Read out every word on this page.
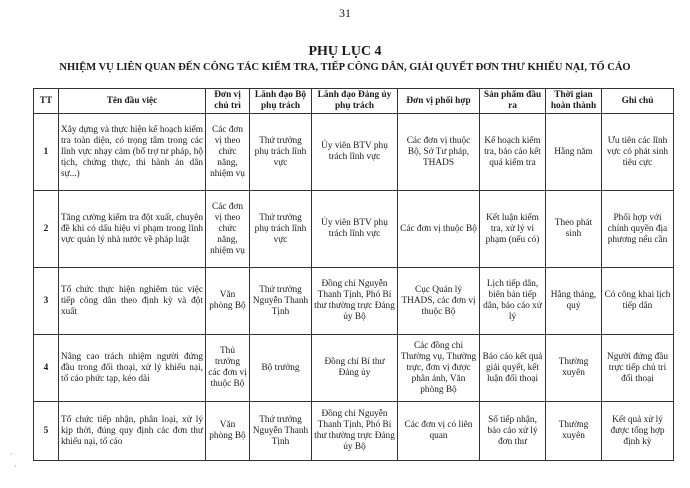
31
PHỤ LỤC 4
NHIỆM VỤ LIÊN QUAN ĐẾN CÔNG TÁC KIỂM TRA, TIẾP CÔNG DÂN, GIẢI QUYẾT ĐƠN THƯ KHIẾU NẠI, TỐ CÁO
TT	Tên đầu việc	Đơn vị chủ trì	Lãnh đạo Bộ phụ trách	Lãnh đạo Đảng ủy phụ trách	Đơn vị phối hợp	Sản phẩm đầu ra	Thời gian hoàn thành	Ghi chú
1	Xây dựng và thực hiện kế hoạch kiểm tra toàn diện, có trọng tâm trong các lĩnh vực nhạy cảm (bổ trợ tư pháp, hộ tịch, chứng thực, thi hành án dân sự...)	Các đơn vị theo chức năng, nhiệm vụ	Thứ trưởng phụ trách lĩnh vực	Ủy viên BTV phụ trách lĩnh vực	Các đơn vị thuộc Bộ, Sở Tư pháp, THADS	Kế hoạch kiểm tra, báo cáo kết quả kiểm tra	Hằng năm	Ưu tiên các lĩnh vực có phát sinh tiêu cực
2	Tăng cường kiểm tra đột xuất, chuyên đề khi có dấu hiệu vi phạm trong lĩnh vực quản lý nhà nước về pháp luật	Các đơn vị theo chức năng, nhiệm vụ	Thứ trưởng phụ trách lĩnh vực	Ủy viên BTV phụ trách lĩnh vực	Các đơn vị thuộc Bộ	Kết luận kiểm tra, xử lý vi phạm (nếu có)	Theo phát sinh	Phối hợp với chính quyền địa phương nếu cần
3	Tổ chức thực hiện nghiêm túc việc tiếp công dân theo định kỳ và đột xuất	Văn phòng Bộ	Thứ trưởng Nguyễn Thanh Tịnh	Đồng chí Nguyễn Thanh Tịnh, Phó Bí thư thường trực Đảng ủy Bộ	Cục Quản lý THADS, các đơn vị thuộc Bộ	Lịch tiếp dân, biên bản tiếp dân, báo cáo xử lý	Hằng tháng, quý	Có công khai lịch tiếp dân
4	Nâng cao trách nhiệm người đứng đầu trong đối thoại, xử lý khiếu nại, tố cáo phức tạp, kéo dài	Thủ trưởng các đơn vị thuộc Bộ	Bộ trưởng	Đồng chí Bí thư Đảng ủy	Các đồng chí Thường vụ, Thường trực, đơn vị được phân ảnh, Văn phòng Bộ	Báo cáo kết quả giải quyết, kết luận đối thoại	Thường xuyên	Người đứng đầu trực tiếp chủ trì đối thoại
5	Tổ chức tiếp nhận, phân loại, xử lý kịp thời, đúng quy định các đơn thư khiếu nại, tố cáo	Văn phòng Bộ	Thứ trưởng Nguyễn Thanh Tịnh	Đồng chí Nguyễn Thanh Tịnh, Phó Bí thư thường trực Đảng ủy Bộ	Các đơn vị có liên quan	Sổ tiếp nhận, báo cáo xử lý đơn thư	Thường xuyên	Kết quả xử lý được tổng hợp định kỳ
·
·
